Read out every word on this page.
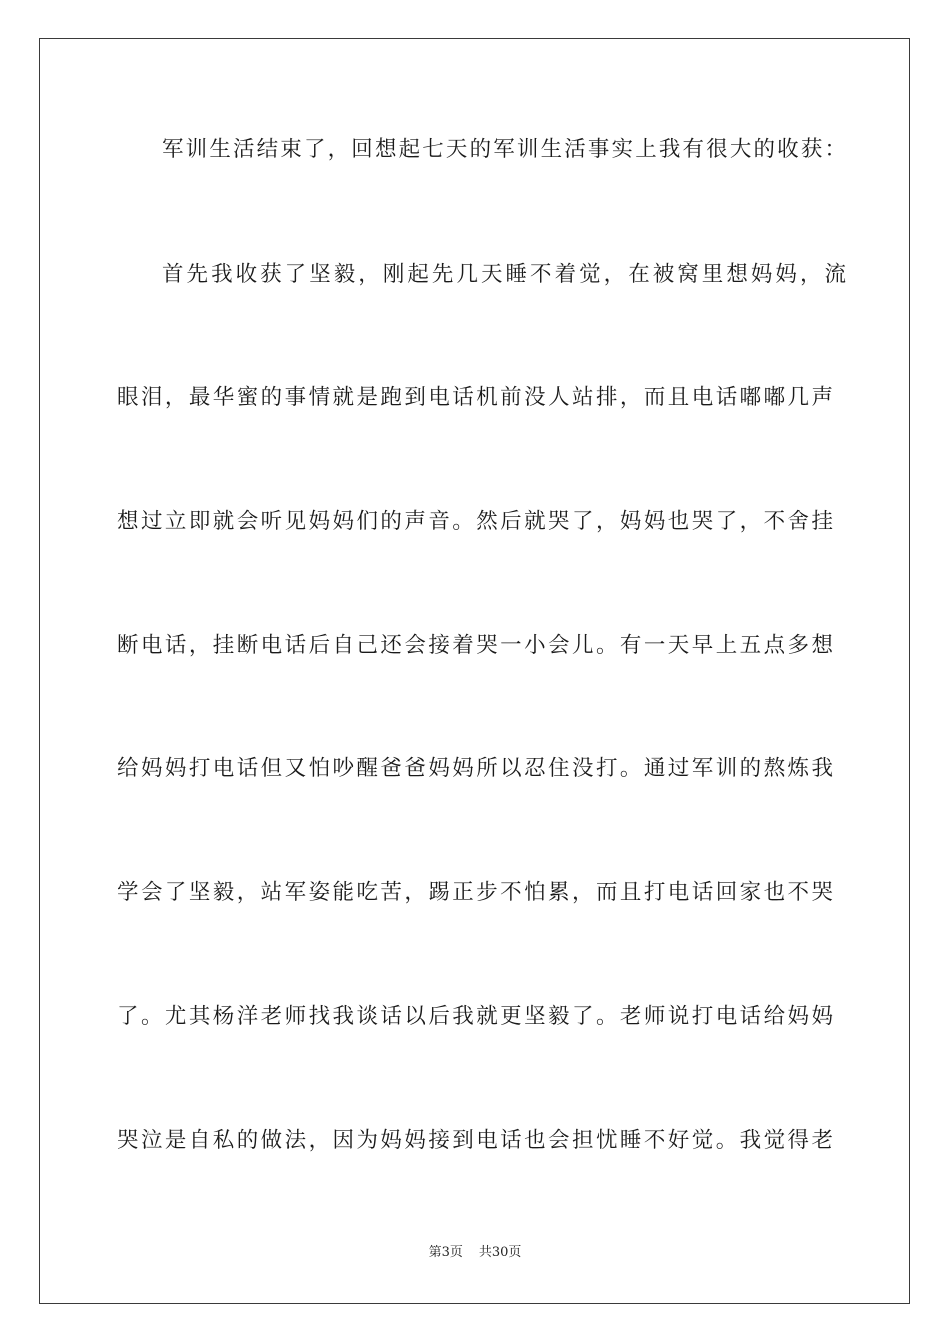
军训生活结束了，回想起七天的军训生活事实上我有很大的收获：
首先我收获了坚毅，刚起先几天睡不着觉，在被窝里想妈妈，流
眼泪，最华蜜的事情就是跑到电话机前没人站排，而且电话嘟嘟几声
想过立即就会听见妈妈们的声音。然后就哭了，妈妈也哭了，不舍挂
断电话，挂断电话后自己还会接着哭一小会儿。有一天早上五点多想
给妈妈打电话但又怕吵醒爸爸妈妈所以忍住没打。通过军训的熬炼我
学会了坚毅，站军姿能吃苦，踢正步不怕累，而且打电话回家也不哭
了。尤其杨洋老师找我谈话以后我就更坚毅了。老师说打电话给妈妈
哭泣是自私的做法，因为妈妈接到电话也会担忧睡不好觉。我觉得老
第3页 共30页
